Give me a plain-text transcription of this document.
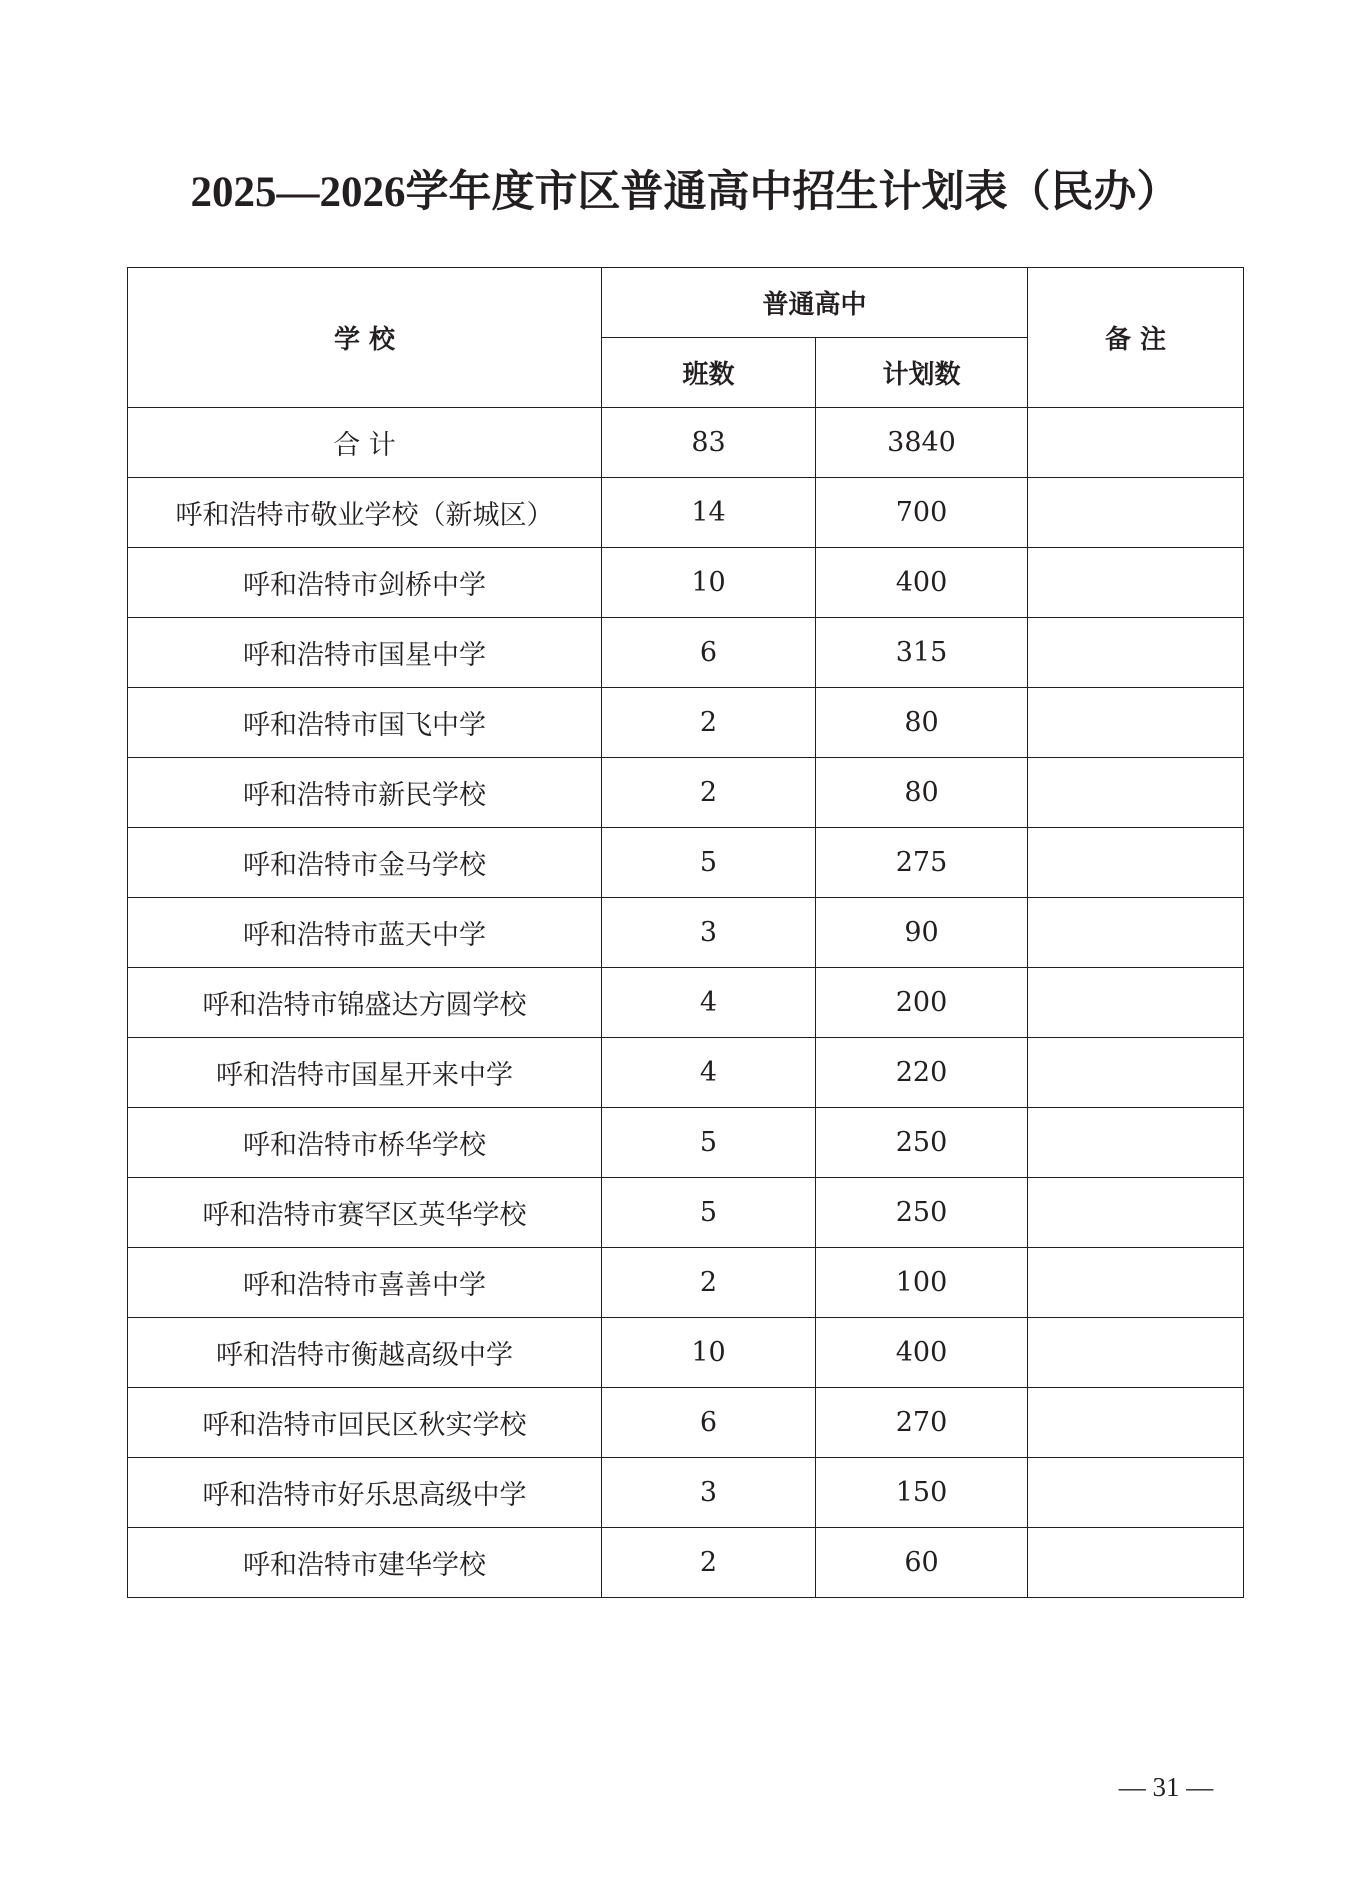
2025—2026学年度市区普通高中招生计划表（民办）
学 校	普通高中		备 注
	班数	计划数	
合 计	83	3840	
呼和浩特市敬业学校（新城区）	14	700	
呼和浩特市剑桥中学	10	400	
呼和浩特市国星中学	6	315	
呼和浩特市国飞中学	2	80	
呼和浩特市新民学校	2	80	
呼和浩特市金马学校	5	275	
呼和浩特市蓝天中学	3	90	
呼和浩特市锦盛达方圆学校	4	200	
呼和浩特市国星开来中学	4	220	
呼和浩特市桥华学校	5	250	
呼和浩特市赛罕区英华学校	5	250	
呼和浩特市喜善中学	2	100	
呼和浩特市衡越高级中学	10	400	
呼和浩特市回民区秋实学校	6	270	
呼和浩特市好乐思高级中学	3	150	
呼和浩特市建华学校	2	60	
— 31 —
